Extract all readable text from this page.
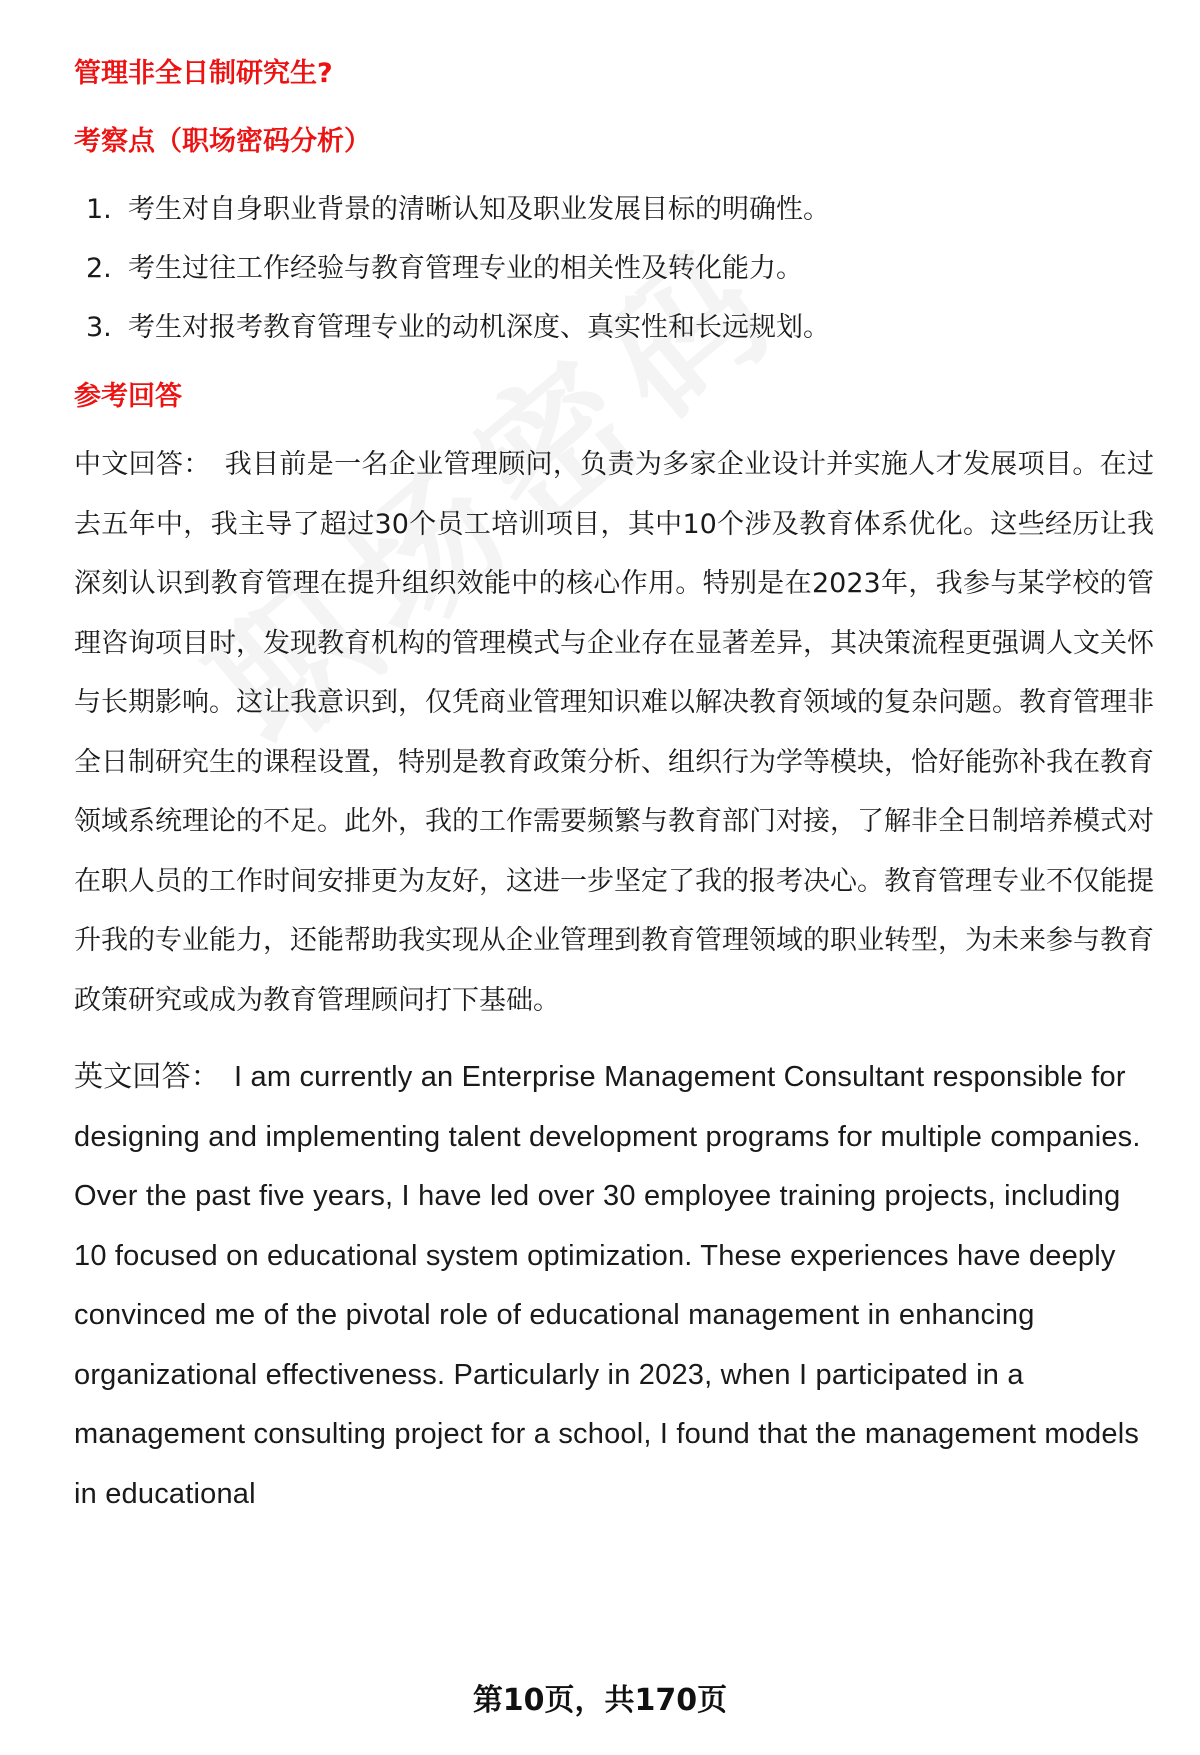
管理非全日制研究生?
考察点（职场密码分析）
1. 考生对自身职业背景的清晰认知及职业发展目标的明确性。
2. 考生过往工作经验与教育管理专业的相关性及转化能力。
3. 考生对报考教育管理专业的动机深度、真实性和长远规划。
参考回答

中文回答： 我目前是一名企业管理顾问，负责为多家企业设计并实施人才发展项目。在过去五年中，我主导了超过30个员工培训项目，其中10个涉及教育体系优化。这些经历让我深刻认识到教育管理在提升组织效能中的核心作用。特别是在2023年，我参与某学校的管理咨询项目时，发现教育机构的管理模式与企业存在显著差异，其决策流程更强调人文关怀与长期影响。这让我意识到，仅凭商业管理知识难以解决教育领域的复杂问题。教育管理非全日制研究生的课程设置，特别是教育政策分析、组织行为学等模块，恰好能弥补我在教育领域系统理论的不足。此外，我的工作需要频繁与教育部门对接，了解非全日制培养模式对在职人员的工作时间安排更为友好，这进一步坚定了我的报考决心。教育管理专业不仅能提升我的专业能力，还能帮助我实现从企业管理到教育管理领域的职业转型，为未来参与教育政策研究或成为教育管理顾问打下基础。

英文回答： I am currently an Enterprise Management Consultant responsible for designing and implementing talent development programs for multiple companies. Over the past five years, I have led over 30 employee training projects, including 10 focused on educational system optimization. These experiences have deeply convinced me of the pivotal role of educational management in enhancing organizational effectiveness. Particularly in 2023, when I participated in a management consulting project for a school, I found that the management models in educational

第10页，共170页
